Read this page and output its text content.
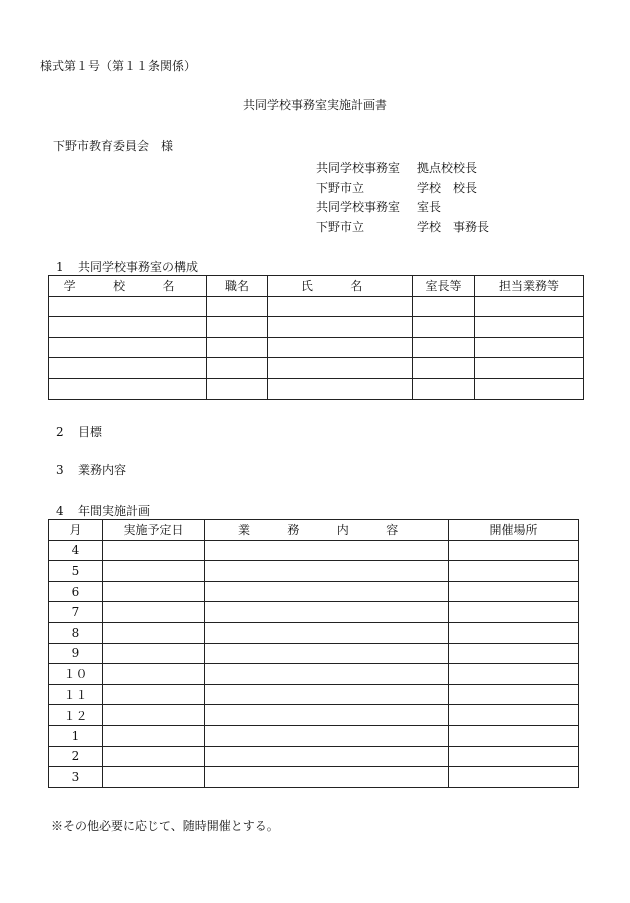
様式第１号（第１１条関係）
共同学校事務室実施計画書
下野市教育委員会　様
共同学校事務室 拠点校校長
下野市立	学校　校長
共同学校事務室 室長
下野市立	学校　事務長
1 共同学校事務室の構成
学 校 名	職名	氏 名	室長等	担当業務等

2 目標
3 業務内容
4 年間実施計画
月	実施予定日	業 務 内 容	開催場所
4			
5			
6			
7			
8			
9			
１０			
１１			
１２			
1			
2			
3			
※その他必要に応じて、随時開催とする。
